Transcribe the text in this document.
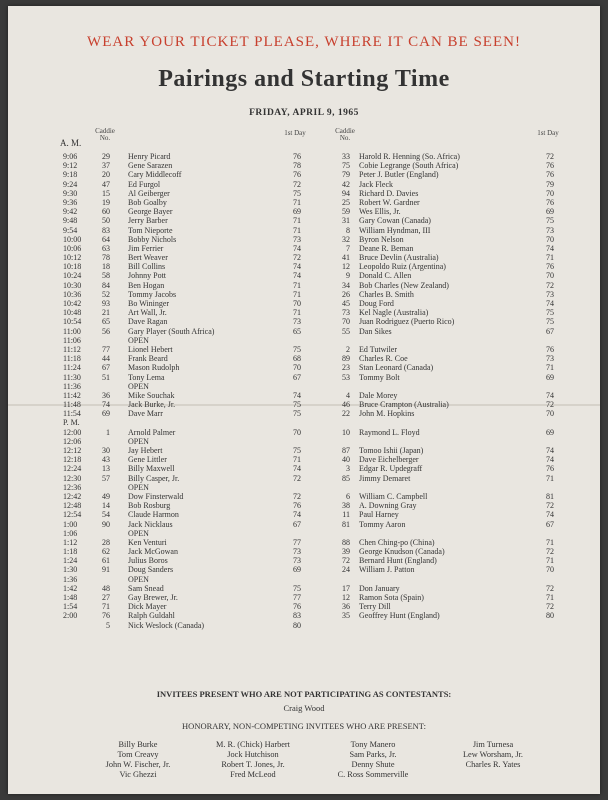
WEAR YOUR TICKET PLEASE, WHERE IT CAN BE SEEN!
Pairings and Starting Time
FRIDAY, APRIL 9, 1965
A. M.
Caddie No.
1st Day	Caddie No.
1st Day
9:06	29 Henry Picard	76	33 Harold R. Henning (So. Africa)	72
9:12	37 Gene Sarazen	78	75 Cobie Legrange (South Africa)	76
9:18	20 Cary Middlecoff	76	79 Peter J. Butler (England)	76
9:24	47 Ed Furgol	72	42 Jack Fleck	79
9:30	15 Al Geiberger	75	94 Richard D. Davies	70
9:36	19 Bob Goalby	71	25 Robert W. Gardner	76
9:42	60 George Bayer	69	59 Wes Ellis, Jr.	69
9:48	50 Jerry Barber	71	31 Gary Cowan (Canada)	75
9:54	83 Tom Nieporte	71	8 William Hyndman, III	73
10:00	64 Bobby Nichols	73	32 Byron Nelson	70
10:06	63 Jim Ferrier	74	7 Deane R. Beman	74
10:12	78 Bert Weaver	72	41 Bruce Devlin (Australia)	71
10:18	18 Bill Collins	74	12 Leopoldo Ruiz (Argentina)	76
10:24	58 Johnny Pott	74	9 Donald C. Allen	70
10:30	84 Ben Hogan	71	34 Bob Charles (New Zealand)	72
10:36	52 Tommy Jacobs	71	26 Charles B. Smith	73
10:42	93 Bo Wininger	70	45 Doug Ford	74
10:48	21 Art Wall, Jr.	71	73 Kel Nagle (Australia)	75
10:54	65 Dave Ragan	73	70 Juan Rodriguez (Puerto Rico)	75
11:00	56 Gary Player (South Africa)	65	55 Dan Sikes	67
11:06	OPEN
11:12	77 Lionel Hebert	75	2 Ed Tutwiler	76
11:18	44 Frank Beard	68	89 Charles R. Coe	73
11:24	67 Mason Rudolph	70	23 Stan Leonard (Canada)	71
11:30	51 Tony Lema	67	53 Tommy Bolt	69
11:36	OPEN
11:42	36 Mike Souchak	74	4 Dale Morey	74
11:48	74 Jack Burke, Jr.	75	46 Bruce Crampton (Australia)	72
11:54	69 Dave Marr	75	22 John M. Hopkins	70
P. M.
12:00	1 Arnold Palmer	70	10 Raymond L. Floyd	69
12:06	OPEN
12:12	30 Jay Hebert	75	87 Tomoo Ishii (Japan)	74
12:18	43 Gene Littler	71	40 Dave Eichelberger	74
12:24	13 Billy Maxwell	74	3 Edgar R. Updegraff	76
12:30	57 Billy Casper, Jr.	72	85 Jimmy Demaret	71
12:36	OPEN
12:42	49 Dow Finsterwald	72	6 William C. Campbell	81
12:48	14 Bob Rosburg	76	38 A. Downing Gray	72
12:54	54 Claude Harmon	74	11 Paul Harney	74
1:00	90 Jack Nicklaus	67	81 Tommy Aaron	67
1:06	OPEN
1:12	28 Ken Venturi	77	88 Chen Ching-po (China)	71
1:18	62 Jack McGowan	73	39 George Knudson (Canada)	72
1:24	61 Julius Boros	73	72 Bernard Hunt (England)	71
1:30	91 Doug Sanders	69	24 William J. Patton	70
1:36	OPEN
1:42	48 Sam Snead	75	17 Don January	72
1:48	27 Gay Brewer, Jr.	77	12 Ramon Sota (Spain)	71
1:54	71 Dick Mayer	76	36 Terry Dill	72
2:00	76 Ralph Guldahl	83	35 Geoffrey Hunt (England)	80
5 Nick Weslock (Canada)	80
INVITEES PRESENT WHO ARE NOT PARTICIPATING AS CONTESTANTS:
Craig Wood
HONORARY, NON-COMPETING INVITEES WHO ARE PRESENT:
Billy Burke
Tom Creavy
John W. Fischer, Jr.
Vic Ghezzi
M. R. (Chick) Harbert
Jock Hutchison
Robert T. Jones, Jr.
Fred McLeod
Tony Manero
Sam Parks, Jr.
Denny Shute
C. Ross Sommerville
Jim Turnesa
Lew Worsham, Jr.
Charles R. Yates
